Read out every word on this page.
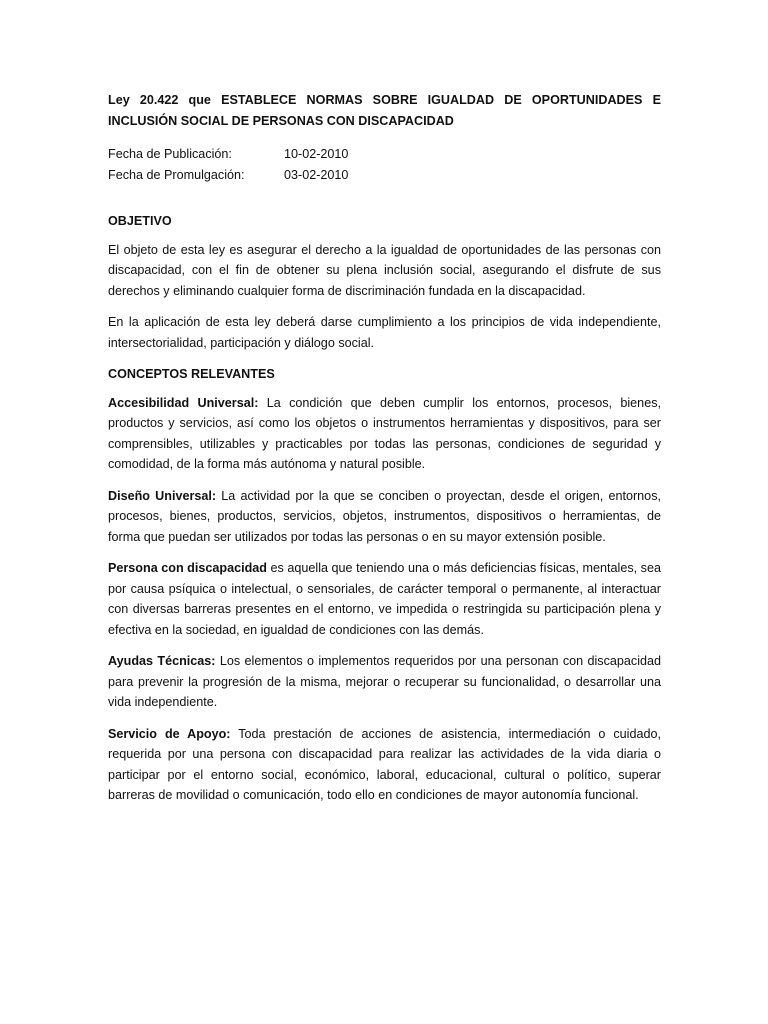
Ley 20.422 que ESTABLECE NORMAS SOBRE IGUALDAD DE OPORTUNIDADES E INCLUSIÓN SOCIAL DE PERSONAS CON DISCAPACIDAD

Fecha de Publicación:	10-02-2010
Fecha de Promulgación:	03-02-2010

OBJETIVO

El objeto de esta ley es asegurar el derecho a la igualdad de oportunidades de las personas con discapacidad, con el fin de obtener su plena inclusión social, asegurando el disfrute de sus derechos y eliminando cualquier forma de discriminación fundada en la discapacidad.

En la aplicación de esta ley deberá darse cumplimiento a los principios de vida independiente, intersectorialidad, participación y diálogo social.

CONCEPTOS RELEVANTES

Accesibilidad Universal: La condición que deben cumplir los entornos, procesos, bienes, productos y servicios, así como los objetos o instrumentos herramientas y dispositivos, para ser comprensibles, utilizables y practicables por todas las personas, condiciones de seguridad y comodidad, de la forma más autónoma y natural posible.

Diseño Universal: La actividad por la que se conciben o proyectan, desde el origen, entornos, procesos, bienes, productos, servicios, objetos, instrumentos, dispositivos o herramientas, de forma que puedan ser utilizados por todas las personas o en su mayor extensión posible.

Persona con discapacidad es aquella que teniendo una o más deficiencias físicas, mentales, sea por causa psíquica o intelectual, o sensoriales, de carácter temporal o permanente, al interactuar con diversas barreras presentes en el entorno, ve impedida o restringida su participación plena y efectiva en la sociedad, en igualdad de condiciones con las demás.

Ayudas Técnicas: Los elementos o implementos requeridos por una personan con discapacidad para prevenir la progresión de la misma, mejorar o recuperar su funcionalidad, o desarrollar una vida independiente.

Servicio de Apoyo: Toda prestación de acciones de asistencia, intermediación o cuidado, requerida por una persona con discapacidad para realizar las actividades de la vida diaria o participar por el entorno social, económico, laboral, educacional, cultural o político, superar barreras de movilidad o comunicación, todo ello en condiciones de mayor autonomía funcional.
